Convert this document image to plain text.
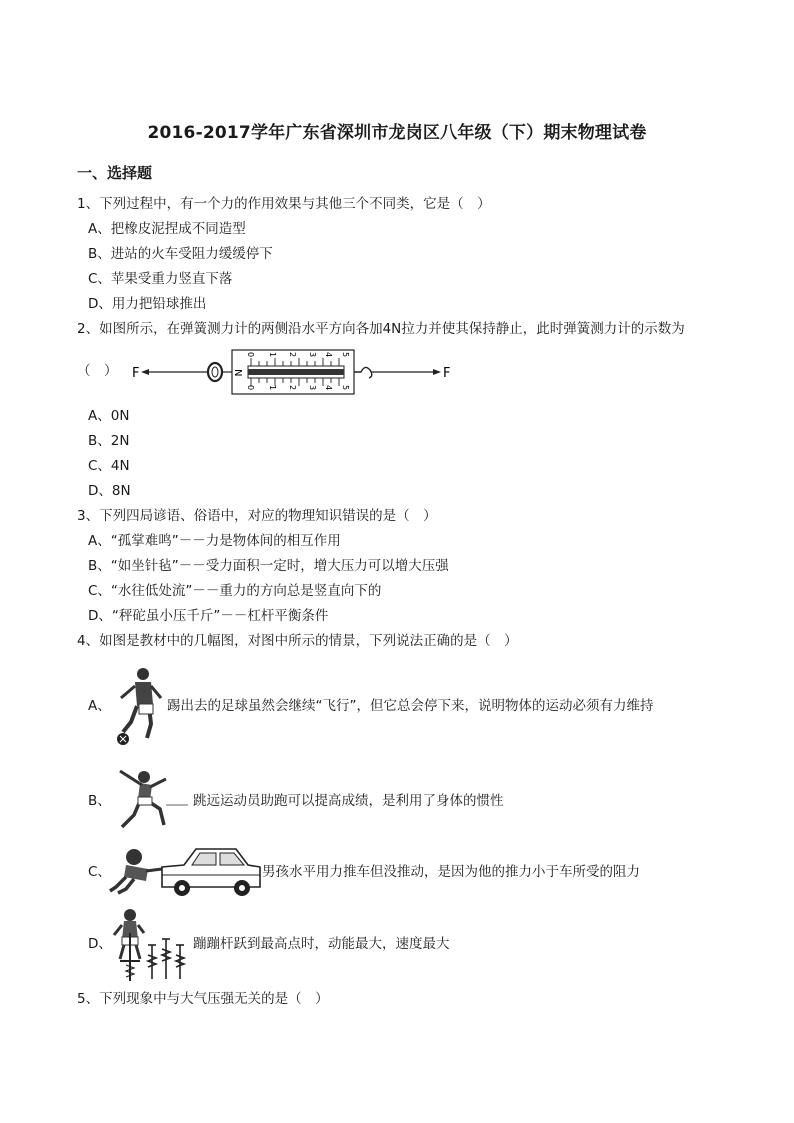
2016-2017学年广东省深圳市龙岗区八年级（下）期末物理试卷
一、选择题
1、下列过程中，有一个力的作用效果与其他三个不同类，它是（　）
A、把橡皮泥捏成不同造型
B、进站的火车受阻力缓缓停下
C、苹果受重力竖直下落
D、用力把铅球推出
2、如图所示，在弹簧测力计的两侧沿水平方向各加4N拉力并使其保持静止，此时弹簧测力计的示数为
（　） F	N
0 1 2 3 4 5
0 1 2 3 4 5
F
A、0N
B、2N
C、4N
D、8N
3、下列四局谚语、俗语中，对应的物理知识错误的是（　）
A、“孤掌难鸣”－－力是物体间的相互作用
B、“如坐针毡”－－受力面积一定时，增大压力可以增大压强
C、“水往低处流”－－重力的方向总是竖直向下的
D、“秤砣虽小压千斤”－－杠杆平衡条件
4、如图是教材中的几幅图，对图中所示的情景，下列说法正确的是（　）
A、	踢出去的足球虽然会继续“飞行”，但它总会停下来，说明物体的运动必须有力维持
B、	跳远运动员助跑可以提高成绩，是利用了身体的惯性
C、	男孩水平用力推车但没推动，是因为他的推力小于车所受的阻力
D、	蹦蹦杆跃到最高点时，动能最大，速度最大
5、下列现象中与大气压强无关的是（　）
